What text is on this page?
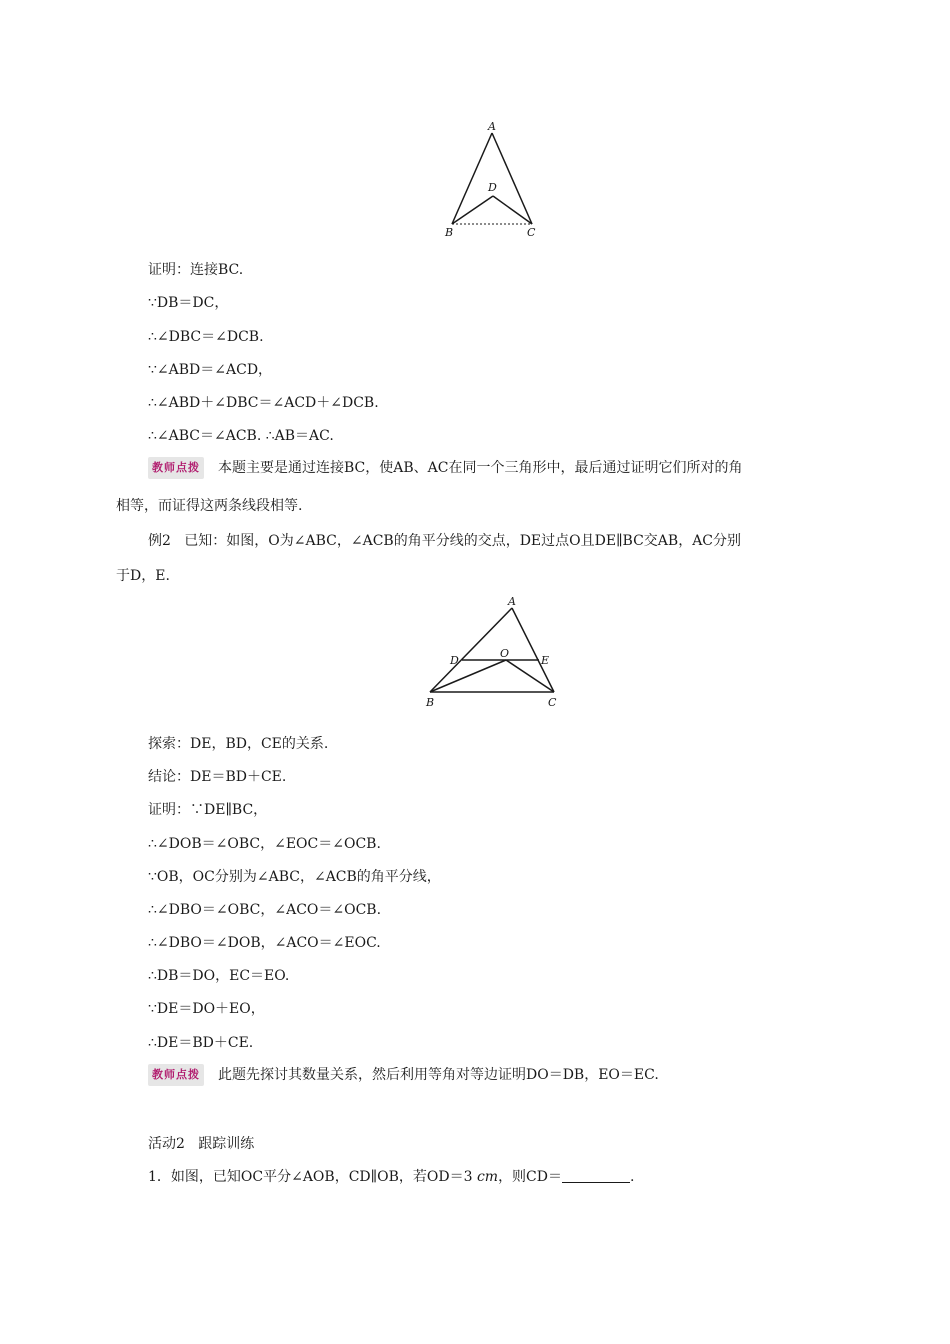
A
D
B	C
证明：连接BC.
∵DB＝DC，
∴∠DBC＝∠DCB.
∵∠ABD＝∠ACD，
∴∠ABD＋∠DBC＝∠ACD＋∠DCB.
∴∠ABC＝∠ACB. ∴AB＝AC.
教师点拨 本题主要是通过连接BC，使AB、AC在同一个三角形中，最后通过证明它们所对的角
相等，而证得这两条线段相等.
例2 已知：如图，O为∠ABC，∠ACB的角平分线的交点，DE过点O且DE∥BC交AB，AC分别
于D，E.
A
D
O
E
B	C
探索：DE，BD，CE的关系.
结论：DE＝BD＋CE.
证明：∵DE∥BC，
∴∠DOB＝∠OBC，∠EOC＝∠OCB.
∵OB，OC分别为∠ABC，∠ACB的角平分线，
∴∠DBO＝∠OBC，∠ACO＝∠OCB.
∴∠DBO＝∠DOB，∠ACO＝∠EOC.
∴DB＝DO，EC＝EO.
∵DE＝DO＋EO，
∴DE＝BD＋CE.
教师点拨 此题先探讨其数量关系，然后利用等角对等边证明DO＝DB，EO＝EC.
活动2 跟踪训练
1．如图，已知OC平分∠AOB，CD∥OB，若OD＝3 cm，则CD＝	.
